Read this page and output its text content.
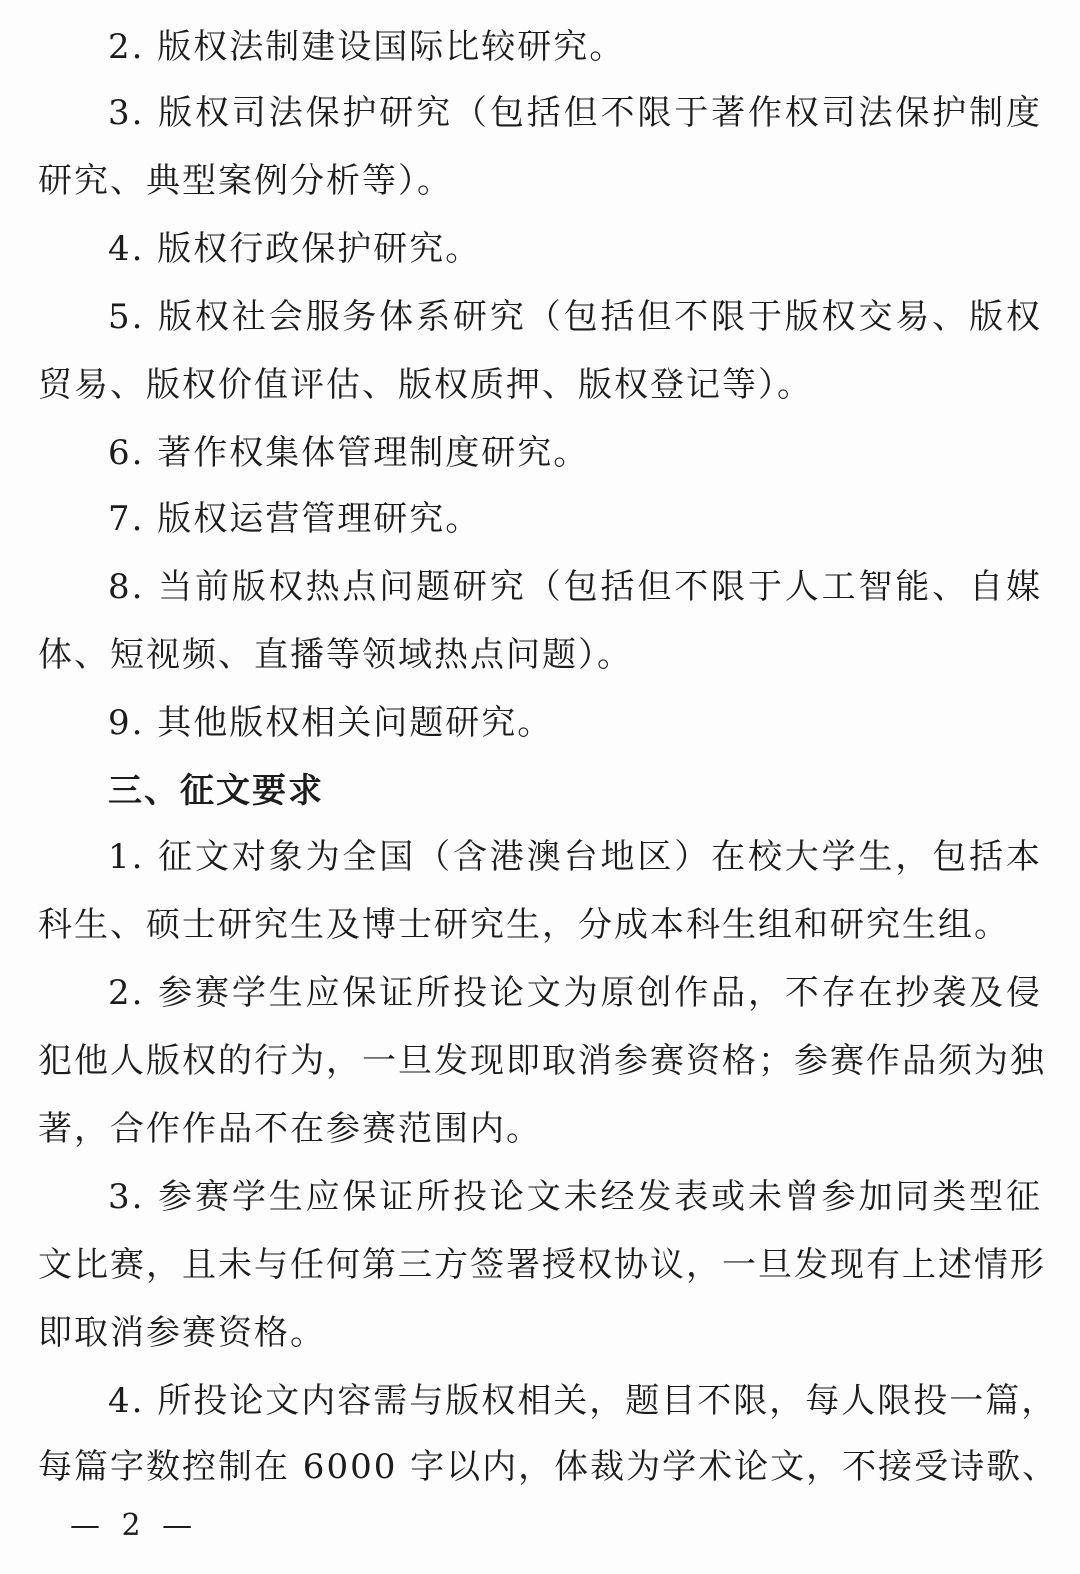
2. 版权法制建设国际比较研究。
3. 版权司法保护研究（包括但不限于著作权司法保护制度
研究、典型案例分析等）。
4. 版权行政保护研究。
5. 版权社会服务体系研究（包括但不限于版权交易、版权
贸易、版权价值评估、版权质押、版权登记等）。
6. 著作权集体管理制度研究。
7. 版权运营管理研究。
8. 当前版权热点问题研究（包括但不限于人工智能、自媒
体、短视频、直播等领域热点问题）。
9. 其他版权相关问题研究。
三、征文要求
1. 征文对象为全国（含港澳台地区）在校大学生，包括本
科生、硕士研究生及博士研究生，分成本科生组和研究生组。
2. 参赛学生应保证所投论文为原创作品，不存在抄袭及侵
犯他人版权的行为，一旦发现即取消参赛资格；参赛作品须为独
著，合作作品不在参赛范围内。
3. 参赛学生应保证所投论文未经发表或未曾参加同类型征
文比赛，且未与任何第三方签署授权协议，一旦发现有上述情形
即取消参赛资格。
4. 所投论文内容需与版权相关，题目不限，每人限投一篇，
每篇字数控制在 6000 字以内，体裁为学术论文，不接受诗歌、
— 2 —
